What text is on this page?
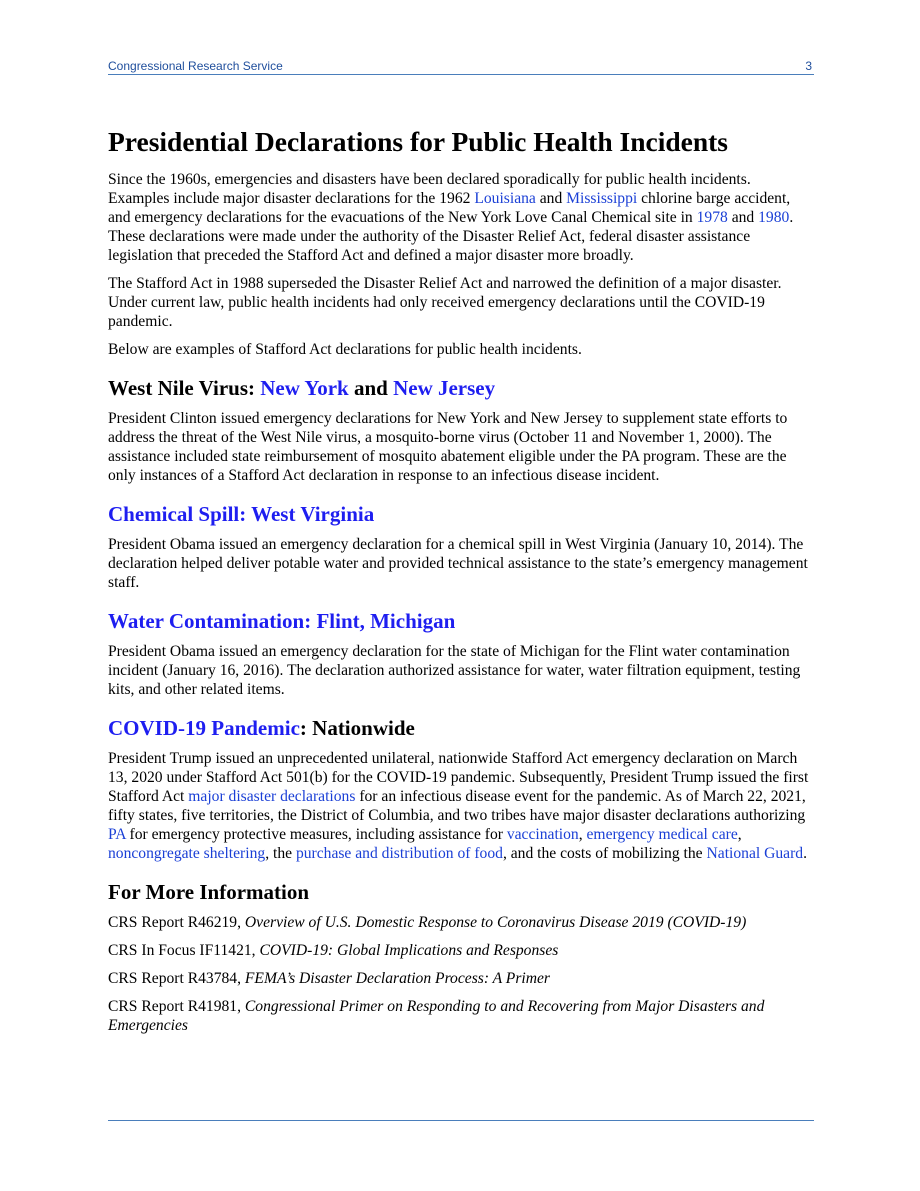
Congressional Research Service	3
Presidential Declarations for Public Health Incidents

Since the 1960s, emergencies and disasters have been declared sporadically for public health incidents. Examples include major disaster declarations for the 1962 Louisiana and Mississippi chlorine barge accident, and emergency declarations for the evacuations of the New York Love Canal Chemical site in 1978 and 1980. These declarations were made under the authority of the Disaster Relief Act, federal disaster assistance legislation that preceded the Stafford Act and defined a major disaster more broadly.

The Stafford Act in 1988 superseded the Disaster Relief Act and narrowed the definition of a major disaster. Under current law, public health incidents had only received emergency declarations until the COVID-19 pandemic.

Below are examples of Stafford Act declarations for public health incidents.

West Nile Virus: New York and New Jersey

President Clinton issued emergency declarations for New York and New Jersey to supplement state efforts to address the threat of the West Nile virus, a mosquito-borne virus (October 11 and November 1, 2000). The assistance included state reimbursement of mosquito abatement eligible under the PA program. These are the only instances of a Stafford Act declaration in response to an infectious disease incident.

Chemical Spill: West Virginia

President Obama issued an emergency declaration for a chemical spill in West Virginia (January 10, 2014). The declaration helped deliver potable water and provided technical assistance to the state’s emergency management staff.

Water Contamination: Flint, Michigan

President Obama issued an emergency declaration for the state of Michigan for the Flint water contamination incident (January 16, 2016). The declaration authorized assistance for water, water filtration equipment, testing kits, and other related items.

COVID-19 Pandemic: Nationwide

President Trump issued an unprecedented unilateral, nationwide Stafford Act emergency declaration on March 13, 2020 under Stafford Act 501(b) for the COVID-19 pandemic. Subsequently, President Trump issued the first Stafford Act major disaster declarations for an infectious disease event for the pandemic. As of March 22, 2021, fifty states, five territories, the District of Columbia, and two tribes have major disaster declarations authorizing PA for emergency protective measures, including assistance for vaccination, emergency medical care, noncongregate sheltering, the purchase and distribution of food, and the costs of mobilizing the National Guard.

For More Information

CRS Report R46219, Overview of U.S. Domestic Response to Coronavirus Disease 2019 (COVID-19)

CRS In Focus IF11421, COVID-19: Global Implications and Responses

CRS Report R43784, FEMA’s Disaster Declaration Process: A Primer

CRS Report R41981, Congressional Primer on Responding to and Recovering from Major Disasters and Emergencies
